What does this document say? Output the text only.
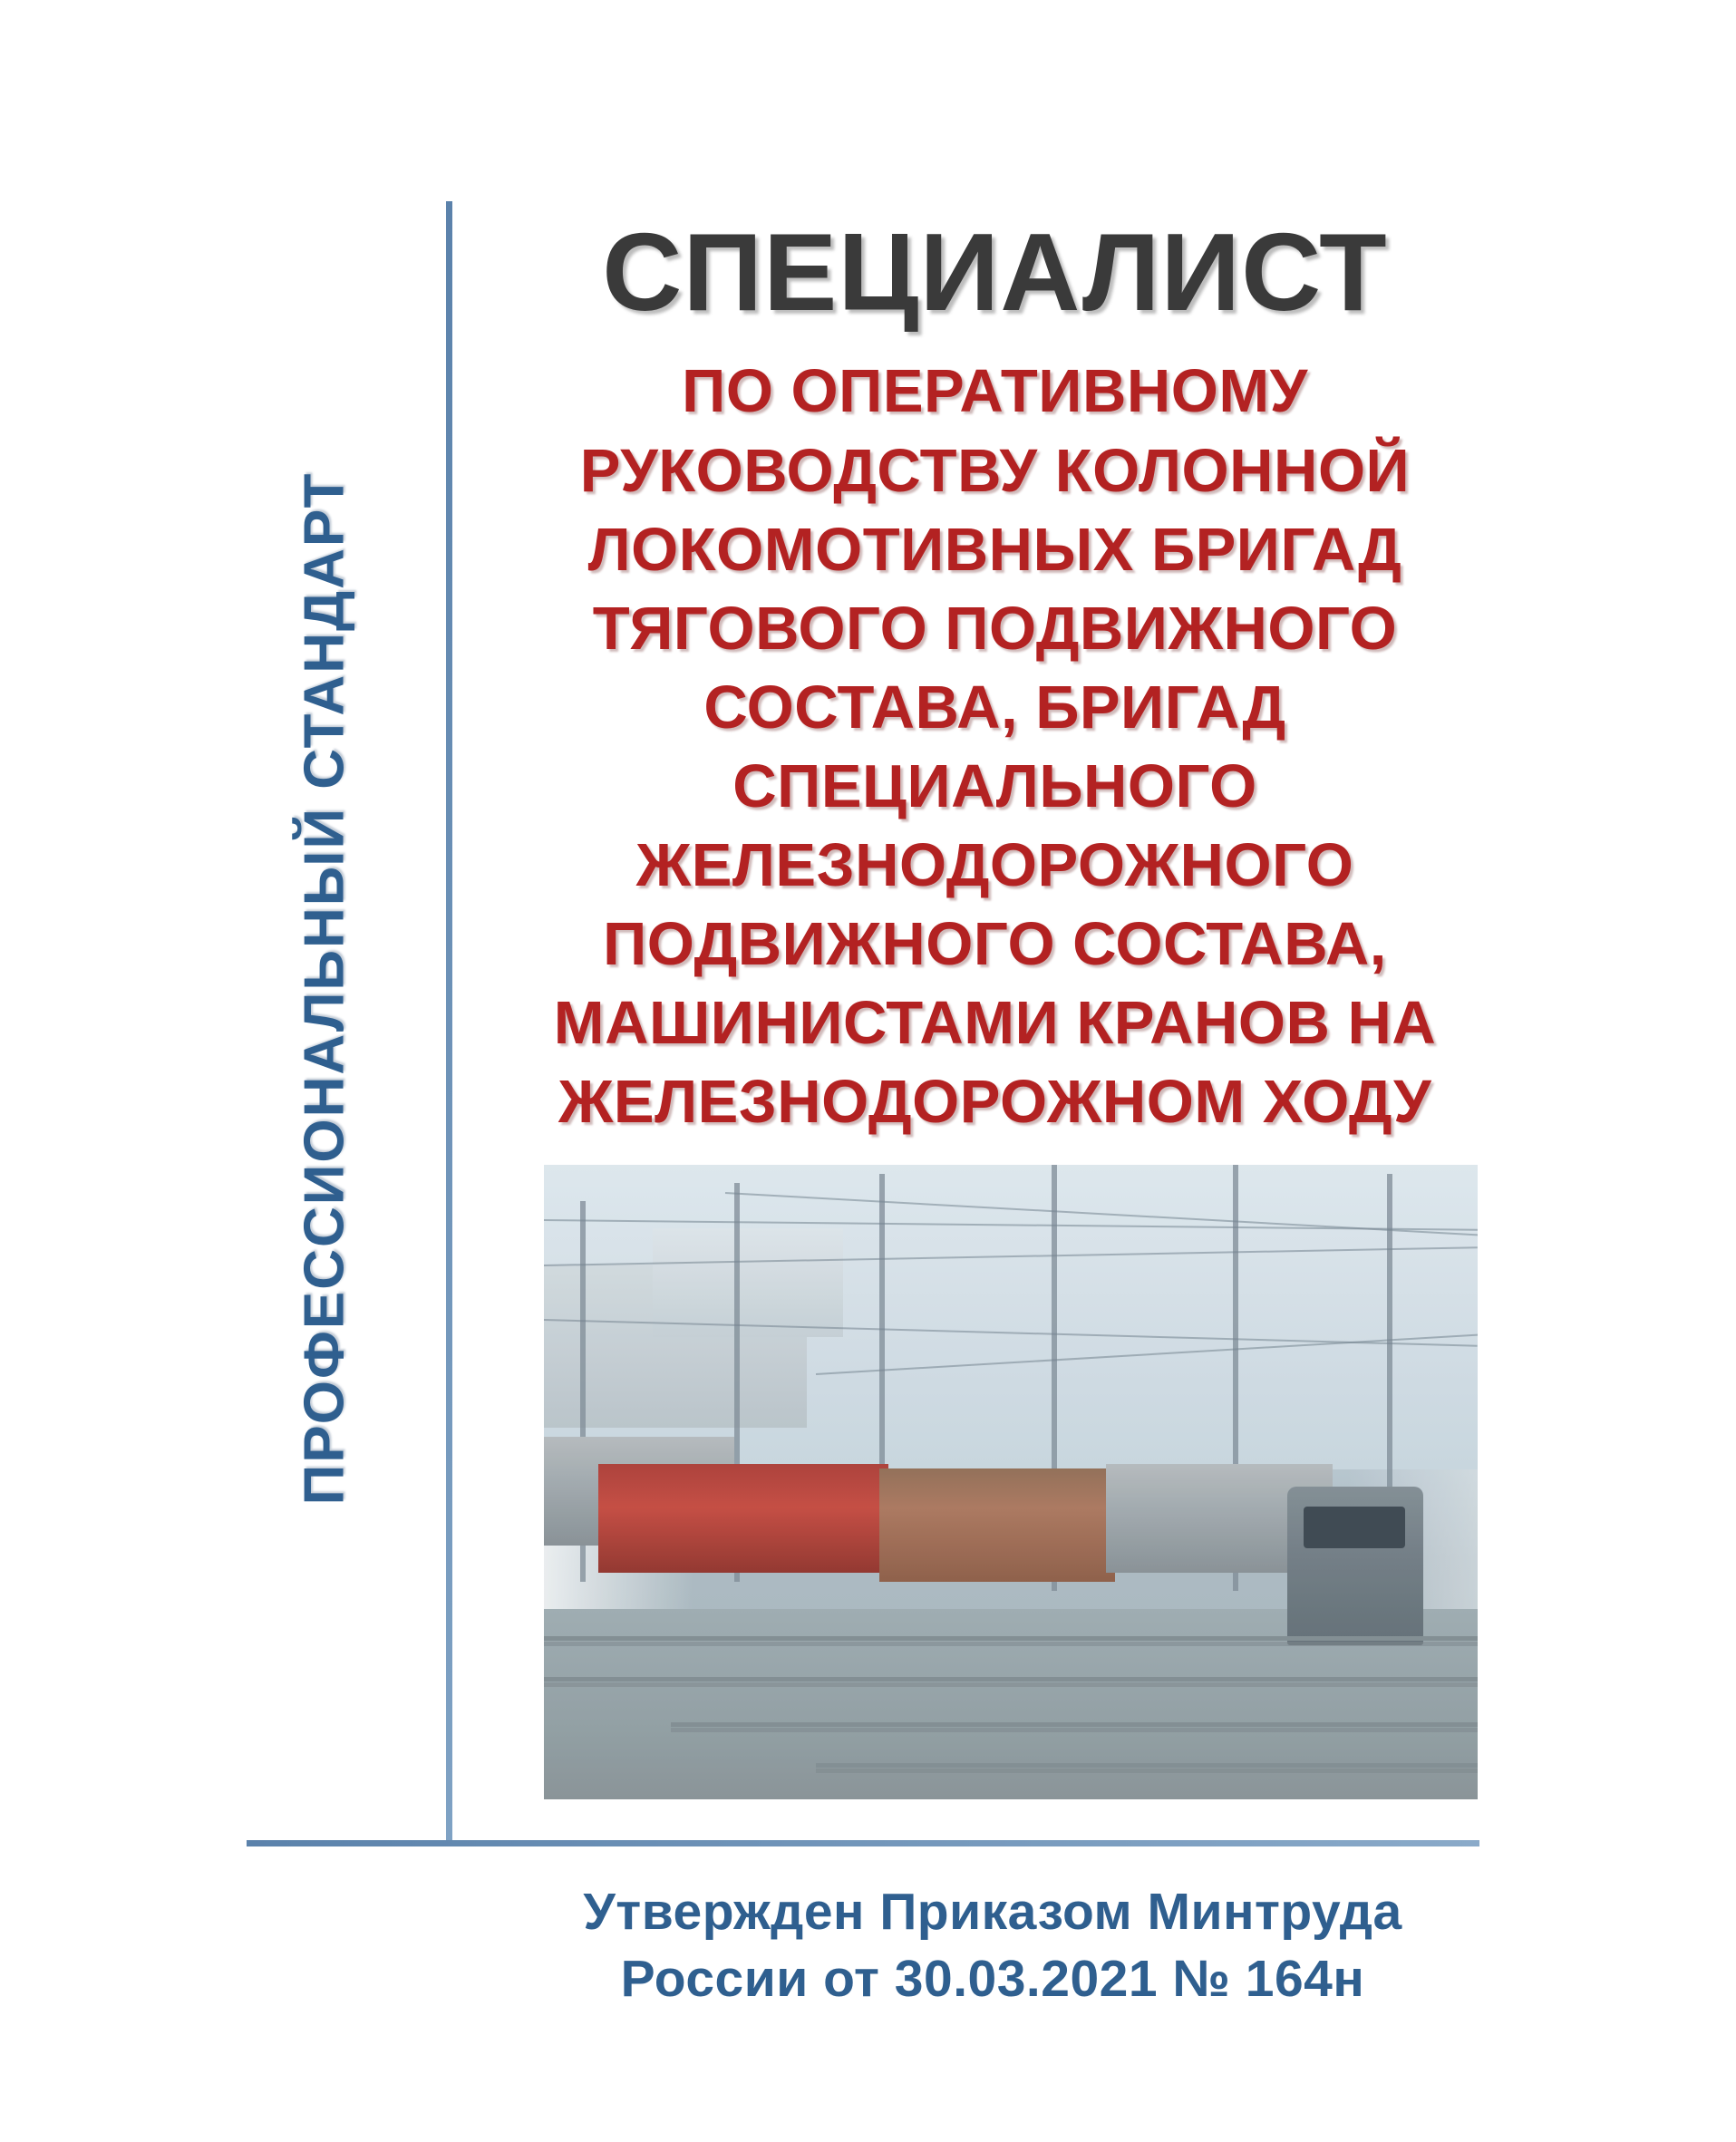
ПРОФЕССИОНАЛЬНЫЙ СТАНДАРТ
СПЕЦИАЛИСТ
ПО ОПЕРАТИВНОМУ РУКОВОДСТВУ КОЛОННОЙ ЛОКОМОТИВНЫХ БРИГАД ТЯГОВОГО ПОДВИЖНОГО СОСТАВА, БРИГАД СПЕЦИАЛЬНОГО ЖЕЛЕЗНОДОРОЖНОГО ПОДВИЖНОГО СОСТАВА, МАШИНИСТАМИ КРАНОВ НА ЖЕЛЕЗНОДОРОЖНОМ ХОДУ
Утвержден Приказом Минтруда
России от 30.03.2021 № 164н
